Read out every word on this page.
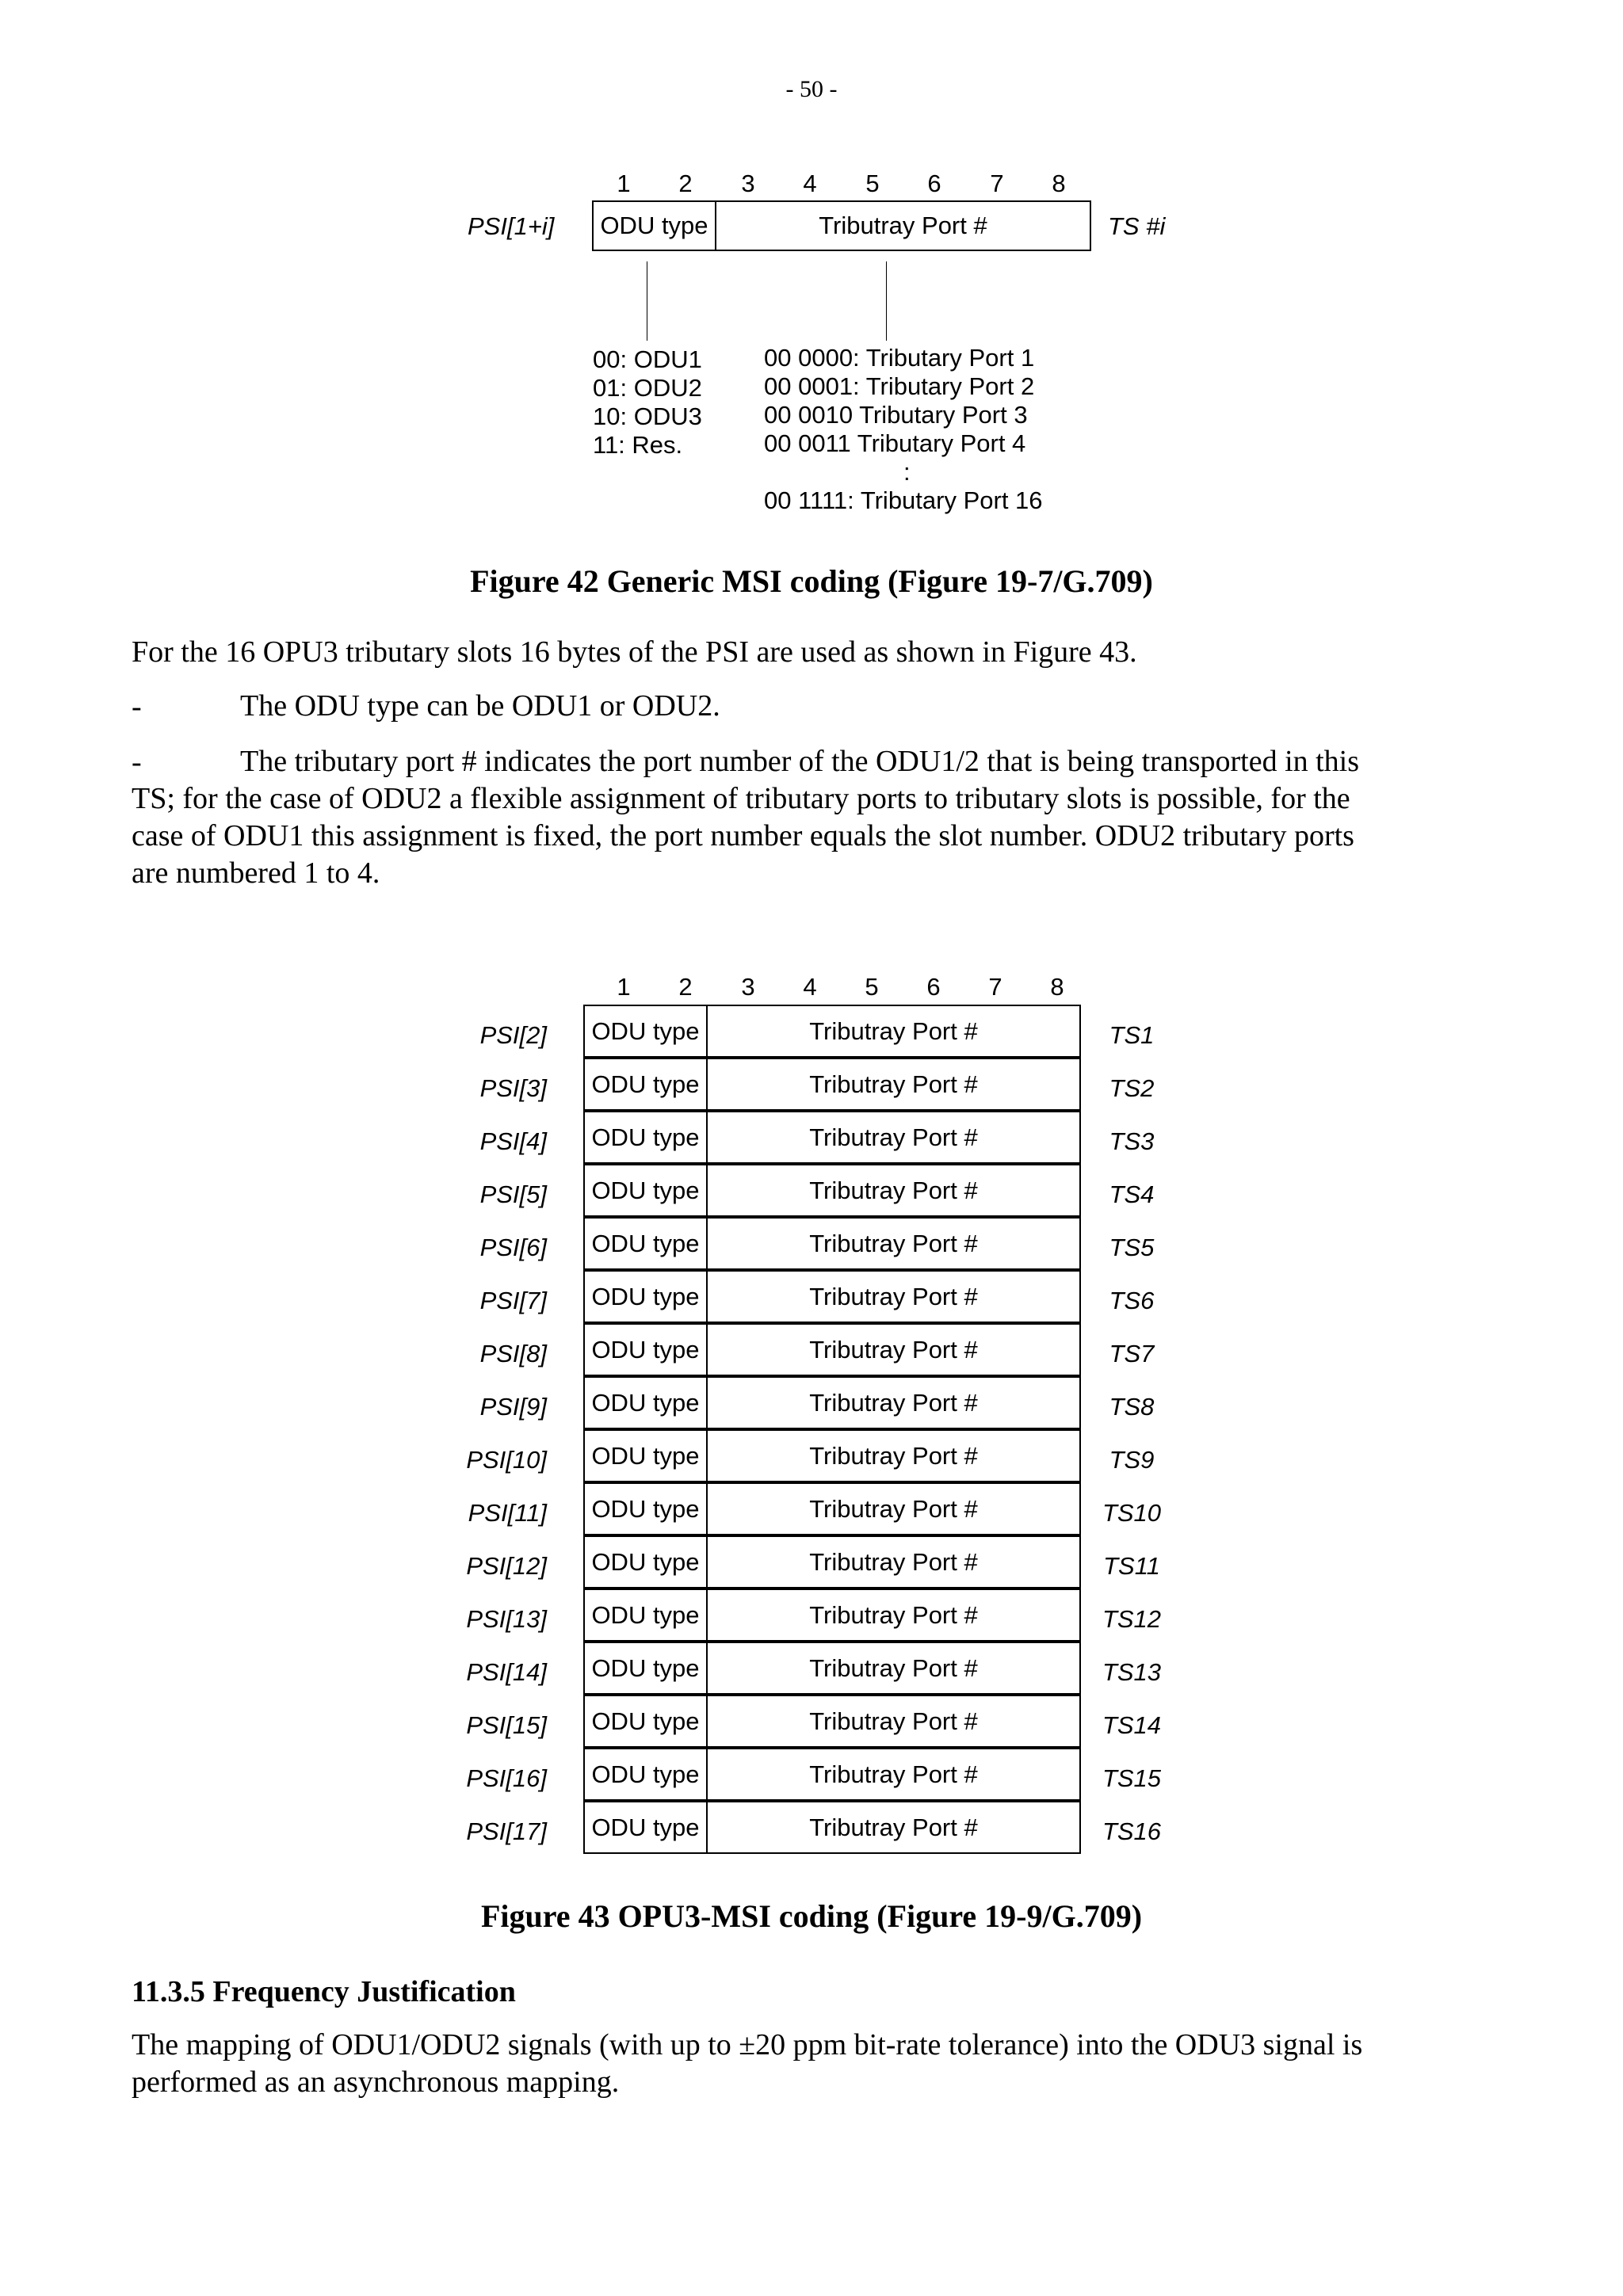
- 50 -
1	2	3	4	5	6	7	8
PSI[1+i] ODU type	Tributray Port #	TS #i
00: ODU1
01: ODU2
10: ODU3
11: Res.
00 0000: Tributary Port 1
00 0001: Tributary Port 2
00 0010 Tributary Port 3
00 0011 Tributary Port 4
:
00 1111: Tributary Port 16
Figure 42 Generic MSI coding (Figure 19-7/G.709)
For the 16 OPU3 tributary slots 16 bytes of the PSI are used as shown in Figure 43.
-	The ODU type can be ODU1 or ODU2.
-	The tributary port # indicates the port number of the ODU1/2 that is being transported in this
TS; for the case of ODU2 a flexible assignment of tributary ports to tributary slots is possible, for the
case of ODU1 this assignment is fixed, the port number equals the slot number. ODU2 tributary ports
are numbered 1 to 4.
1	2	3	4	5	6	7	8
PSI[2]	ODU type	Tributray Port #	TS1
PSI[3]	ODU type	Tributray Port #	TS2
PSI[4]	ODU type	Tributray Port #	TS3
PSI[5]	ODU type	Tributray Port #	TS4
PSI[6]	ODU type	Tributray Port #	TS5
PSI[7]	ODU type	Tributray Port #	TS6
PSI[8]	ODU type	Tributray Port #	TS7
PSI[9]	ODU type	Tributray Port #	TS8
PSI[10]	ODU type	Tributray Port #	TS9
PSI[11]	ODU type	Tributray Port #	TS10
PSI[12]	ODU type	Tributray Port #	TS11
PSI[13]	ODU type	Tributray Port #	TS12
PSI[14]	ODU type	Tributray Port #	TS13
PSI[15]	ODU type	Tributray Port #	TS14
PSI[16]	ODU type	Tributray Port #	TS15
PSI[17]	ODU type	Tributray Port #	TS16
Figure 43 OPU3-MSI coding (Figure 19-9/G.709)
11.3.5 Frequency Justification
The mapping of ODU1/ODU2 signals (with up to ±20 ppm bit-rate tolerance) into the ODU3 signal is
performed as an asynchronous mapping.
